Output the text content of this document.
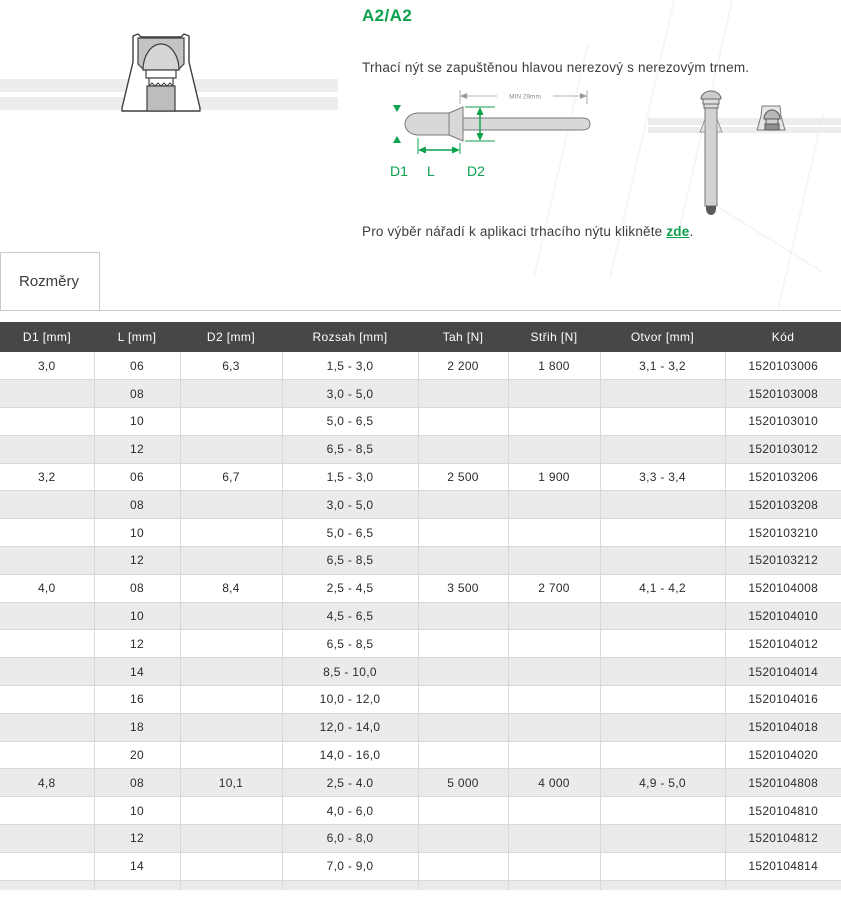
A2/A2

Trhací nýt se zapuštěnou hlavou nerezový s nerezovým trnem.

MIN 29mm
D1 L D2

Pro výběr nářadí k aplikaci trhacího nýtu klikněte zde.

Rozměry
D1 [mm]	L [mm]	D2 [mm]	Rozsah [mm]	Tah [N]	Střih [N]	Otvor [mm]	Kód
3,0	06	6,3	1,5 - 3,0	2 200	1 800	3,1 - 3,2	1520103006
	08		3,0 - 5,0				1520103008
	10		5,0 - 6,5				1520103010
	12		6,5 - 8,5				1520103012
3,2	06	6,7	1,5 - 3,0	2 500	1 900	3,3 - 3,4	1520103206
	08		3,0 - 5,0				1520103208
	10		5,0 - 6,5				1520103210
	12		6,5 - 8,5				1520103212
4,0	08	8,4	2,5 - 4,5	3 500	2 700	4,1 - 4,2	1520104008
	10		4,5 - 6,5				1520104010
	12		6,5 - 8,5				1520104012
	14		8,5 - 10,0				1520104014
	16		10,0 - 12,0				1520104016
	18		12,0 - 14,0				1520104018
	20		14,0 - 16,0				1520104020
4,8	08	10,1	2,5 - 4.0	5 000	4 000	4,9 - 5,0	1520104808
	10		4,0 - 6,0				1520104810
	12		6,0 - 8,0				1520104812
	14		7,0 - 9,0				1520104814
